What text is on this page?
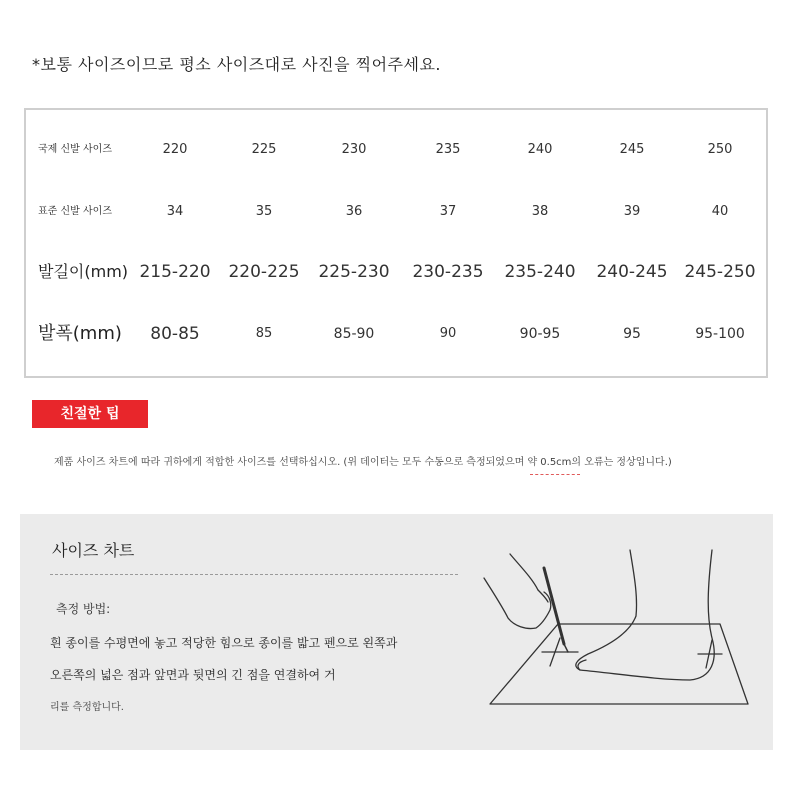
*보통 사이즈이므로 평소 사이즈대로 사진을 찍어주세요.
국제 신발 사이즈	220	225	230	235	240	245	250
표준 신발 사이즈	34	35	36	37	38	39	40
발길이(mm) 215-220	220-225	225-230	230-235	235-240	240-245 245-250
발폭(mm)	80-85	85	85-90	90	90-95	95	95-100
친절한 팁
제품 사이즈 차트에 따라 귀하에게 적합한 사이즈를 선택하십시오. (위 데이터는 모두 수동으로 측정되었으며 약 0.5cm의 오류는 정상입니다.)
사이즈 차트
측정 방법:
흰 종이를 수평면에 놓고 적당한 힘으로 종이를 밟고 펜으로 왼쪽과
오른쪽의 넓은 점과 앞면과 뒷면의 긴 점을 연결하여 거
리를 측정합니다.
